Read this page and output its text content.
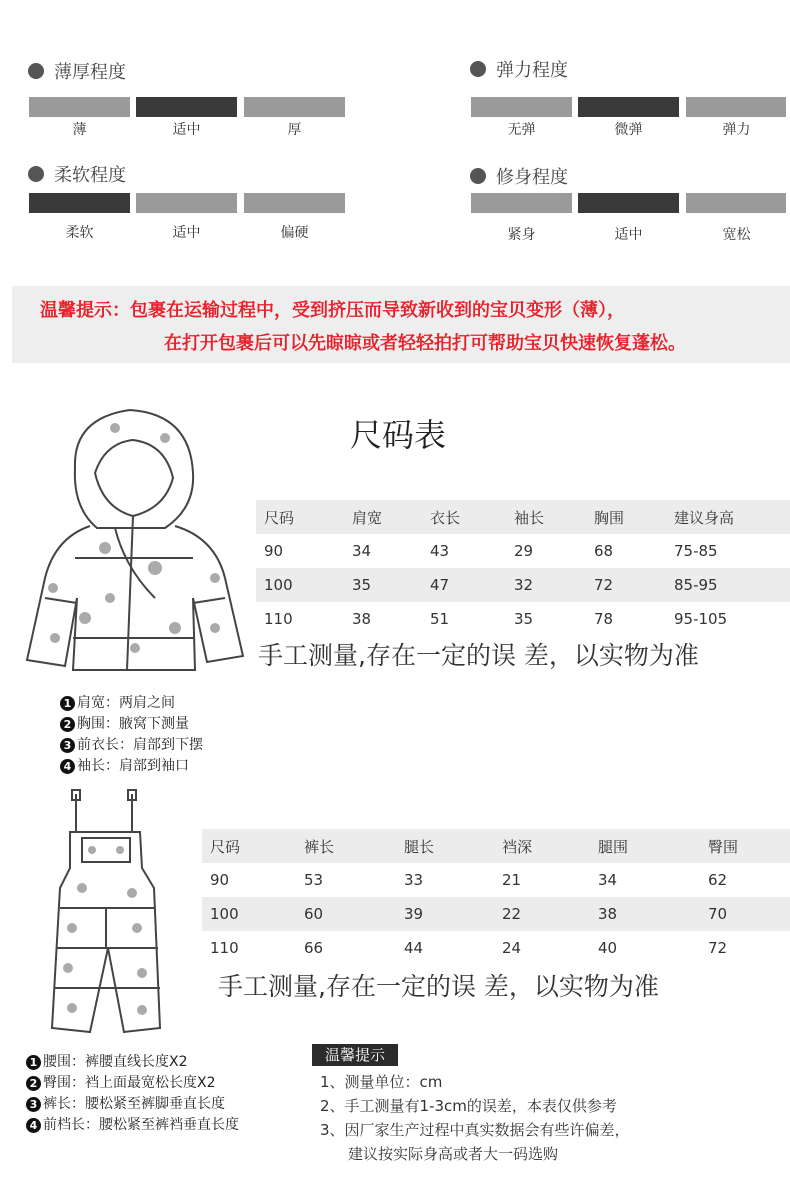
薄厚程度	弹力程度
柔软程度	修身程度
薄	适中	厚	无弹	微弹	弹力
柔软	适中	偏硬	紧身	适中	宽松
温馨提示：包裹在运输过程中，受到挤压而导致新收到的宝贝变形（薄），
在打开包裹后可以先晾晾或者轻轻拍打可帮助宝贝快速恢复蓬松。
尺码表
尺码	肩宽	衣长	袖长	胸围	建议身高
90	34	43	29	68	75-85
100	35	47	32	72	85-95
110	38	51	35	78	95-105
手工测量,存在一定的误 差，以实物为准
1 肩宽：两肩之间
2 胸围：腋窝下测量
3 前衣长：肩部到下摆
4 袖长：肩部到袖口
尺码	裤长	腿长	裆深	腿围	臀围
90	53	33	21	34	62
100	60	39	22	38	70
110	66	44	24	40	72
手工测量,存在一定的误 差，以实物为准
1 腰围：裤腰直线长度X2
2 臀围：裆上面最宽松长度X2
3 裤长：腰松紧至裤脚垂直长度
4 前档长：腰松紧至裤裆垂直长度
温馨提示
1、测量单位：cm
2、手工测量有1-3cm的误差，本表仅供参考
3、因厂家生产过程中真实数据会有些许偏差，
建议按实际身高或者大一码选购
